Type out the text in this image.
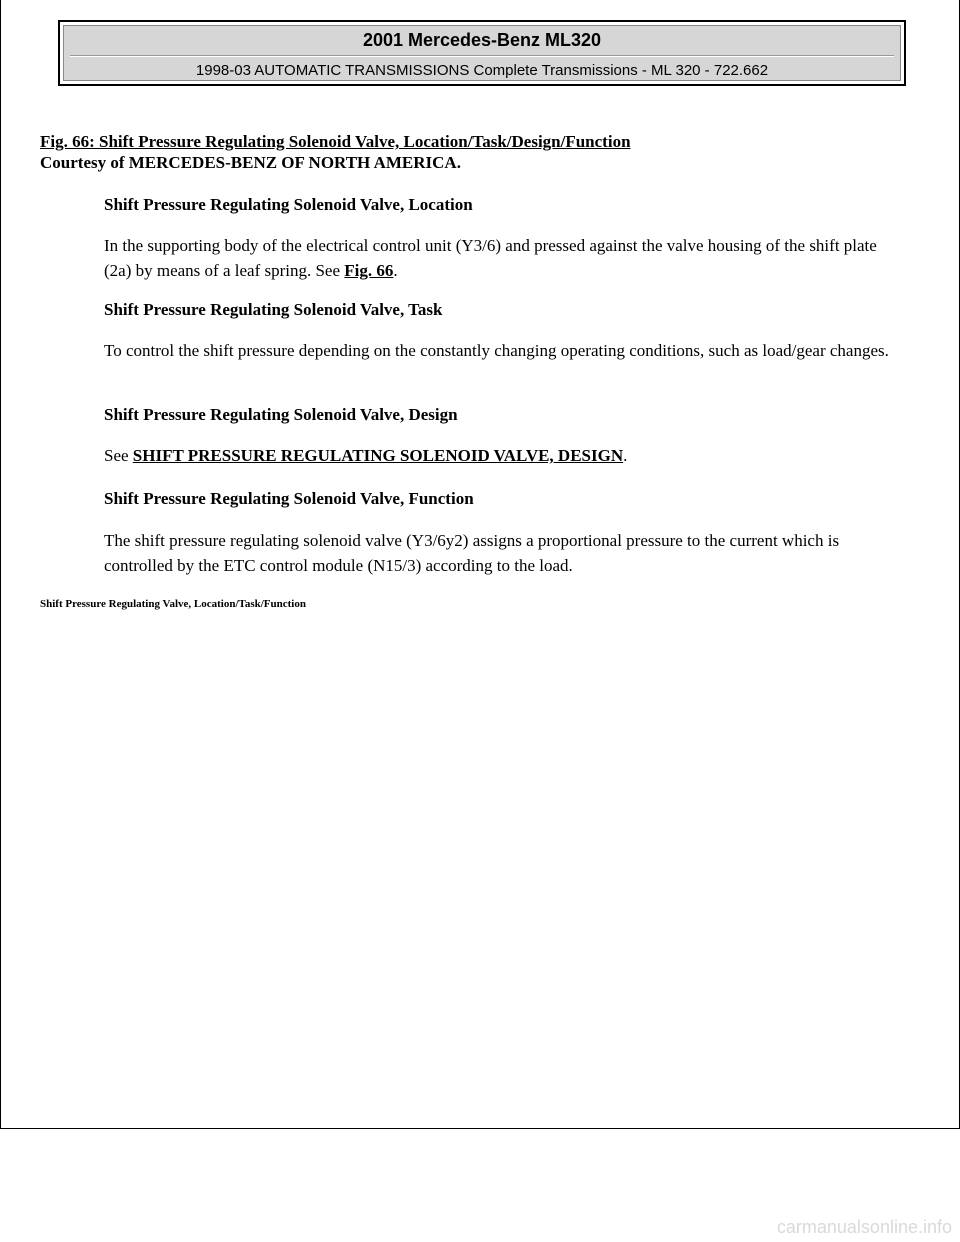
2001 Mercedes-Benz ML320
1998-03 AUTOMATIC TRANSMISSIONS Complete Transmissions - ML 320 - 722.662
Fig. 66: Shift Pressure Regulating Solenoid Valve, Location/Task/Design/Function
Courtesy of MERCEDES-BENZ OF NORTH AMERICA.
Shift Pressure Regulating Solenoid Valve, Location
In the supporting body of the electrical control unit (Y3/6) and pressed against the valve housing of the shift plate (2a) by means of a leaf spring. See Fig. 66.
Shift Pressure Regulating Solenoid Valve, Task
To control the shift pressure depending on the constantly changing operating conditions, such as load/gear changes.
Shift Pressure Regulating Solenoid Valve, Design
See SHIFT PRESSURE REGULATING SOLENOID VALVE, DESIGN.
Shift Pressure Regulating Solenoid Valve, Function
The shift pressure regulating solenoid valve (Y3/6y2) assigns a proportional pressure to the current which is controlled by the ETC control module (N15/3) according to the load.
Shift Pressure Regulating Valve, Location/Task/Function
carmanualsonline.info
